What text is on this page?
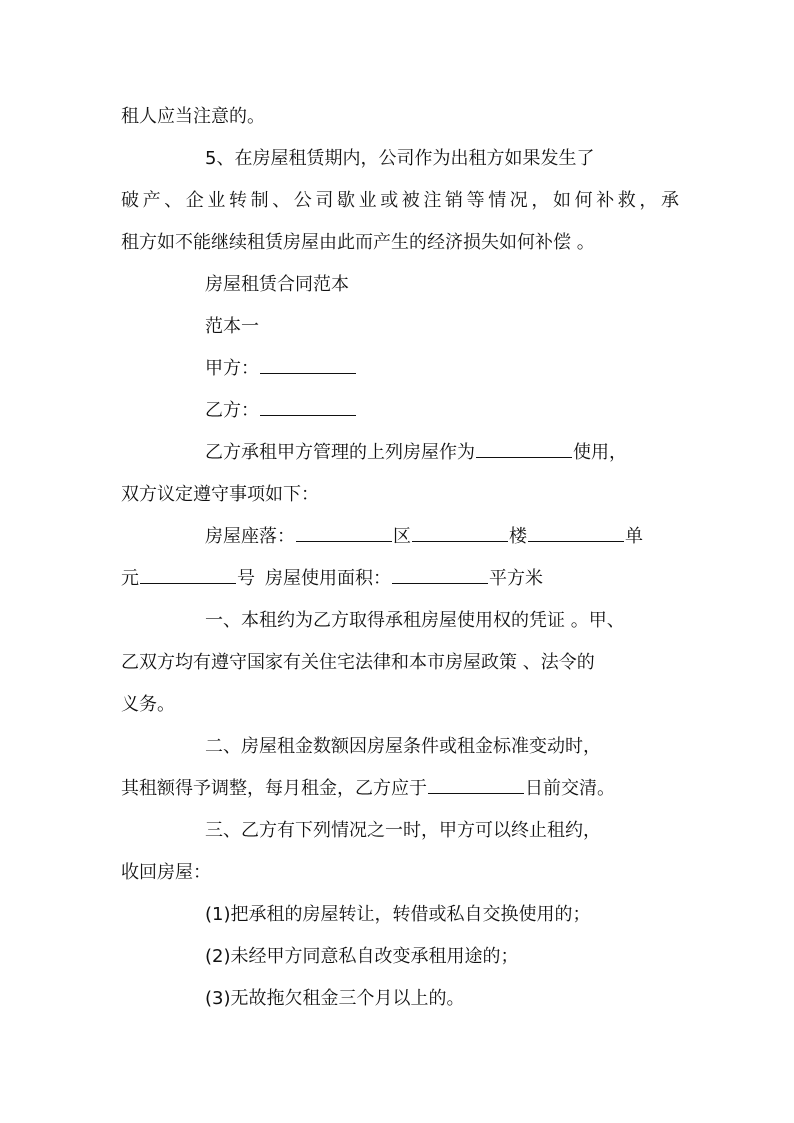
租人应当注意的。
5、在房屋租赁期内，公司作为出租方如果发生了
破产、企业转制、公司歇业或被注销等情况，如何补救，承
租方如不能继续租赁房屋由此而产生的经济损失如何补偿 。
房屋租赁合同范本
范本一
甲方：
乙方：
乙方承租甲方管理的上列房屋作为	使用，
双方议定遵守事项如下：
房屋座落：	区	楼	单
元	号 房屋使用面积：	平方米
一、本租约为乙方取得承租房屋使用权的凭证 。甲、
乙双方均有遵守国家有关住宅法律和本市房屋政策 、法令的
义务。
二、房屋租金数额因房屋条件或租金标准变动时，
其租额得予调整，每月租金，乙方应于	日前交清。
三、乙方有下列情况之一时，甲方可以终止租约，
收回房屋：
(1)把承租的房屋转让，转借或私自交换使用的；
(2)未经甲方同意私自改变承租用途的；
(3)无故拖欠租金三个月以上的。
